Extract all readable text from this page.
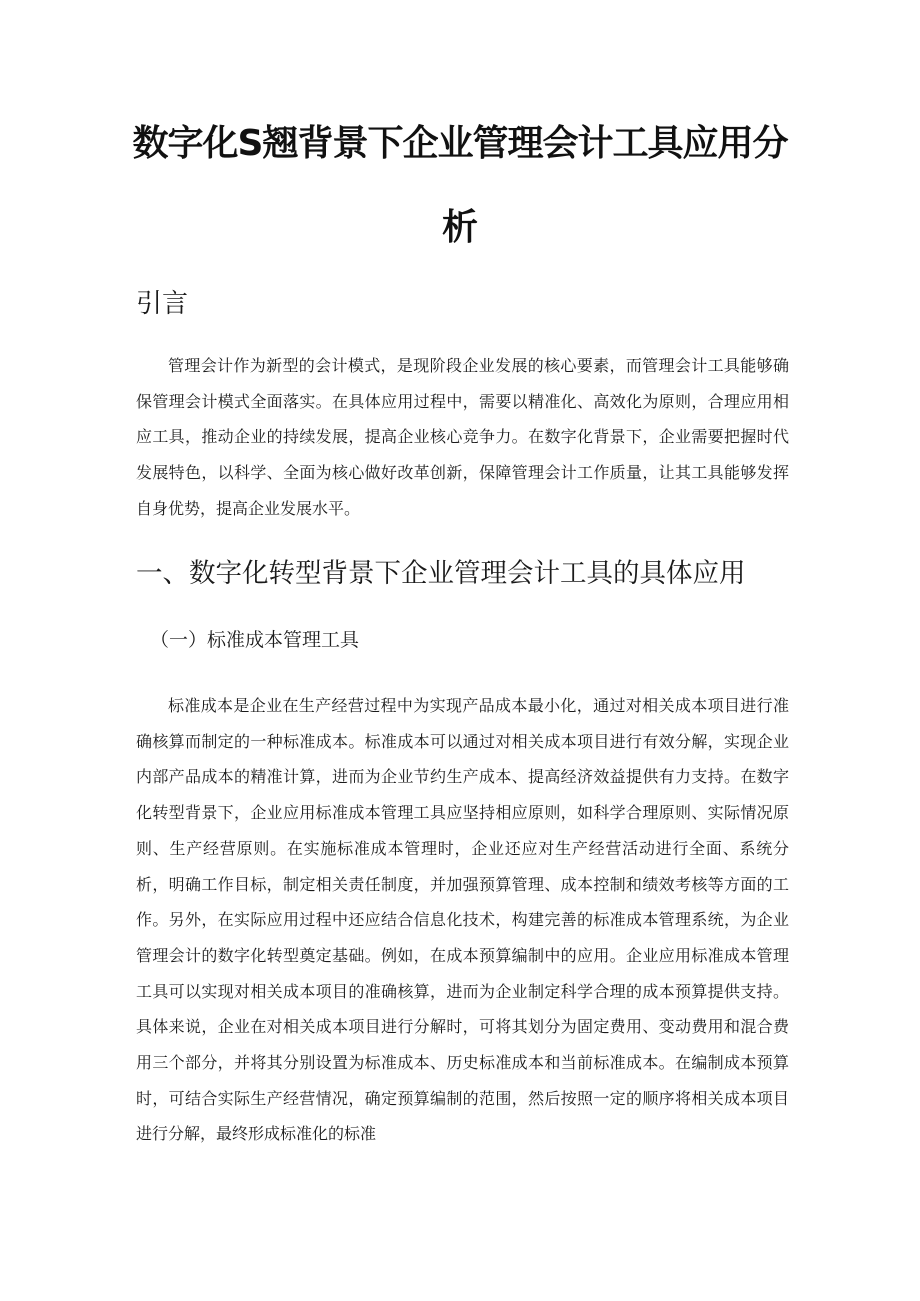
数字化S翘背景下企业管理会计工具应用分
析
引言

管理会计作为新型的会计模式，是现阶段企业发展的核心要素，而管理会计工具能够确保管理会计模式全面落实。在具体应用过程中，需要以精准化、高效化为原则，合理应用相应工具，推动企业的持续发展，提高企业核心竞争力。在数字化背景下，企业需要把握时代发展特色，以科学、全面为核心做好改革创新，保障管理会计工作质量，让其工具能够发挥自身优势，提高企业发展水平。

一、数字化转型背景下企业管理会计工具的具体应用
（一）标准成本管理工具

标准成本是企业在生产经营过程中为实现产品成本最小化，通过对相关成本项目进行准确核算而制定的一种标准成本。标准成本可以通过对相关成本项目进行有效分解，实现企业内部产品成本的精准计算，进而为企业节约生产成本、提高经济效益提供有力支持。在数字化转型背景下，企业应用标准成本管理工具应坚持相应原则，如科学合理原则、实际情况原则、生产经营原则。在实施标准成本管理时，企业还应对生产经营活动进行全面、系统分析，明确工作目标，制定相关责任制度，并加强预算管理、成本控制和绩效考核等方面的工作。另外，在实际应用过程中还应结合信息化技术，构建完善的标准成本管理系统，为企业管理会计的数字化转型奠定基础。例如，在成本预算编制中的应用。企业应用标准成本管理工具可以实现对相关成本项目的准确核算，进而为企业制定科学合理的成本预算提供支持。具体来说，企业在对相关成本项目进行分解时，可将其划分为固定费用、变动费用和混合费用三个部分，并将其分别设置为标准成本、历史标准成本和当前标准成本。在编制成本预算时，可结合实际生产经营情况，确定预算编制的范围，然后按照一定的顺序将相关成本项目进行分解，最终形成标准化的标准
